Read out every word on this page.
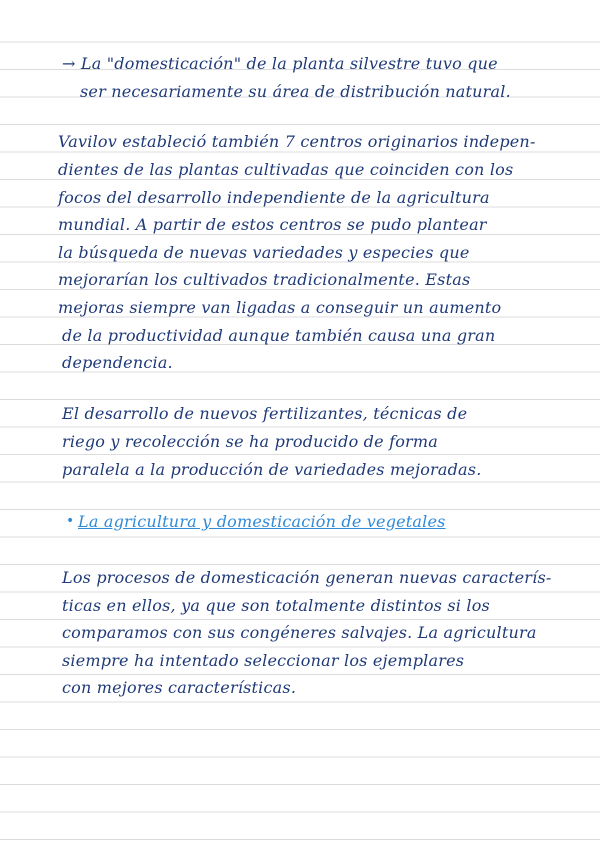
→ La "domesticación" de la planta silvestre tuvo que

ser necesariamente su área de distribución natural.

Vavilov estableció también 7 centros originarios indepen-

dientes de las plantas cultivadas que coinciden con los

focos del desarrollo independiente de la agricultura

mundial. A partir de estos centros se pudo plantear

la búsqueda de nuevas variedades y especies que

mejorarían los cultivados tradicionalmente. Estas

mejoras siempre van ligadas a conseguir un aumento

de la productividad aunque también causa una gran

dependencia.

El desarrollo de nuevos fertilizantes, técnicas de

riego y recolección se ha producido de forma

paralela a la producción de variedades mejoradas.

• La agricultura y domesticación de vegetales

Los procesos de domesticación generan nuevas caracterís-

ticas en ellos, ya que son totalmente distintos si los

comparamos con sus congéneres salvajes. La agricultura

siempre ha intentado seleccionar los ejemplares

con mejores características.
